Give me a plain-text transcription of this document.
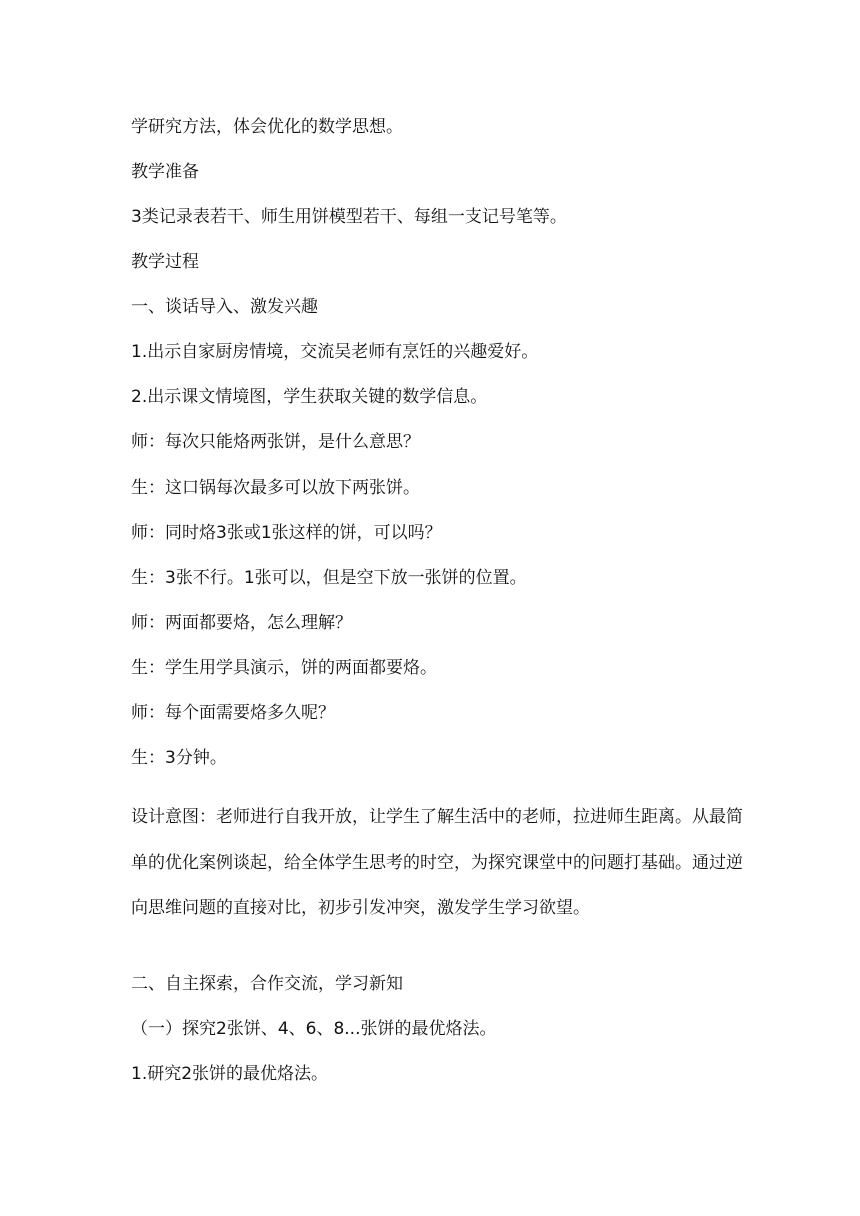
学研究方法，体会优化的数学思想。

教学准备

3类记录表若干、师生用饼模型若干、每组一支记号笔等。

教学过程

一、谈话导入、激发兴趣

1.出示自家厨房情境，交流吴老师有烹饪的兴趣爱好。

2.出示课文情境图，学生获取关键的数学信息。

师：每次只能烙两张饼，是什么意思？

生：这口锅每次最多可以放下两张饼。

师：同时烙3张或1张这样的饼，可以吗？

生：3张不行。1张可以，但是空下放一张饼的位置。

师：两面都要烙，怎么理解？

生：学生用学具演示，饼的两面都要烙。

师：每个面需要烙多久呢？

生：3分钟。

设计意图：老师进行自我开放，让学生了解生活中的老师，拉进师生距离。从最简单的优化案例谈起，给全体学生思考的时空，为探究课堂中的问题打基础。通过逆向思维问题的直接对比，初步引发冲突，激发学生学习欲望。

二、自主探索，合作交流，学习新知

（一）探究2张饼、4、6、8...张饼的最优烙法。

1.研究2张饼的最优烙法。
